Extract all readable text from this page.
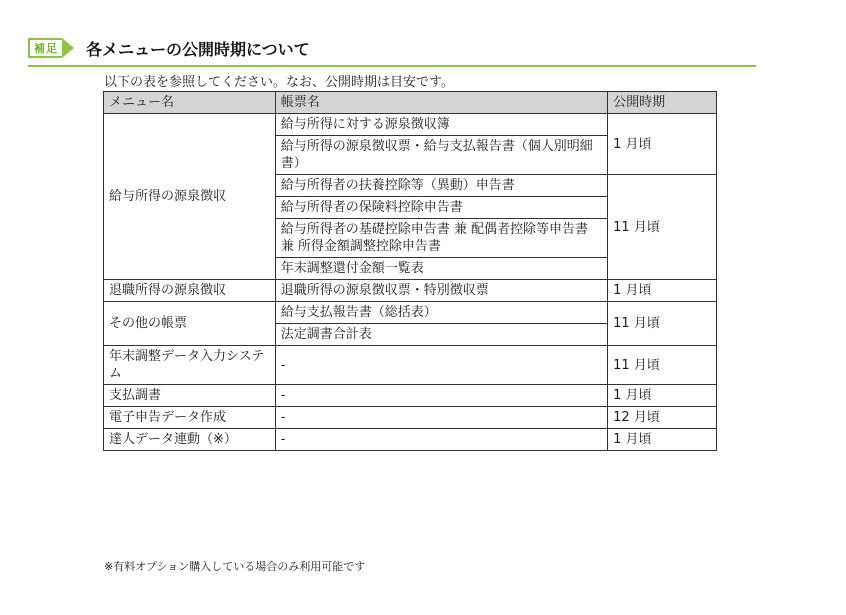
補足 各メニューの公開時期について
以下の表を参照してください。なお、公開時期は目安です。
メニュー名	帳票名	公開時期
給与所得の源泉徴収	給与所得に対する源泉徴収簿	1 月頃
	給与所得の源泉徴収票・給与支払報告書（個人別明細書）	
	給与所得者の扶養控除等（異動）申告書	11 月頃
	給与所得者の保険料控除申告書	
	給与所得者の基礎控除申告書 兼 配偶者控除等申告書 兼 所得金額調整控除申告書	
	年末調整還付金額一覧表	
退職所得の源泉徴収	退職所得の源泉徴収票・特別徴収票	1 月頃
その他の帳票	給与支払報告書（総括表）	11 月頃
	法定調書合計表	
年末調整データ入力システム	-	11 月頃
支払調書	-	1 月頃
電子申告データ作成	-	12 月頃
達人データ連動（※）	-	1 月頃
※有料オプション購入している場合のみ利用可能です
